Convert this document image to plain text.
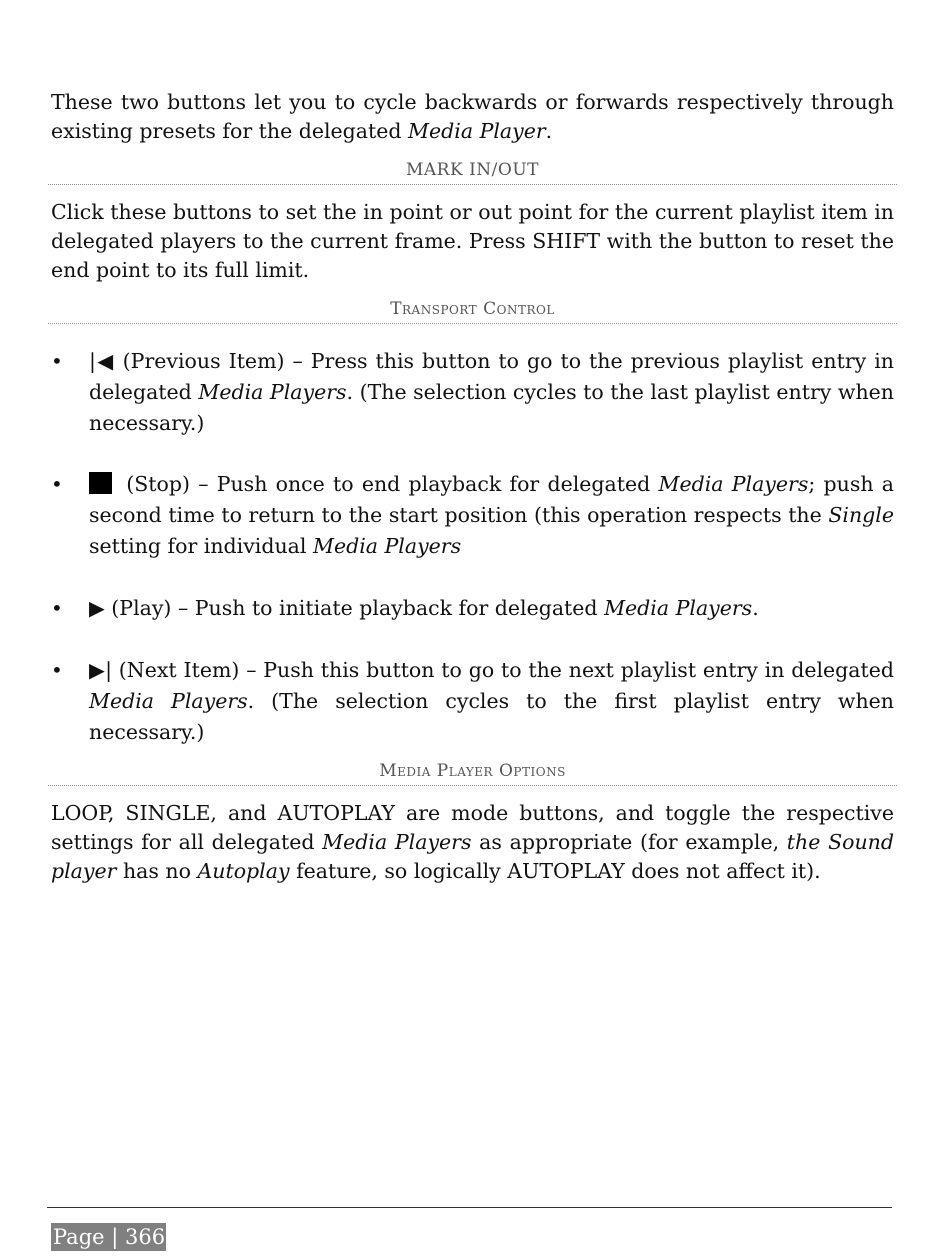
These two buttons let you to cycle backwards or forwards respectively through existing presets for the delegated Media Player.

MARK IN/OUT

Click these buttons to set the in point or out point for the current playlist item in delegated players to the current frame. Press SHIFT with the button to reset the end point to its full limit.

Transport Control
•
|◀ (Previous Item) – Press this button to go to the previous playlist entry in delegated Media Players. (The selection cycles to the last playlist entry when necessary.)
•
(Stop) – Push once to end playback for delegated Media Players; push a second time to return to the start position (this operation respects the Single setting for individual Media Players
•
▶ (Play) – Push to initiate playback for delegated Media Players.
•
▶| (Next Item) – Push this button to go to the next playlist entry in delegated Media Players. (The selection cycles to the first playlist entry when necessary.)
Media Player Options

LOOP, SINGLE, and AUTOPLAY are mode buttons, and toggle the respective settings for all delegated Media Players as appropriate (for example, the Sound player has no Autoplay feature, so logically AUTOPLAY does not affect it).

Page | 366
